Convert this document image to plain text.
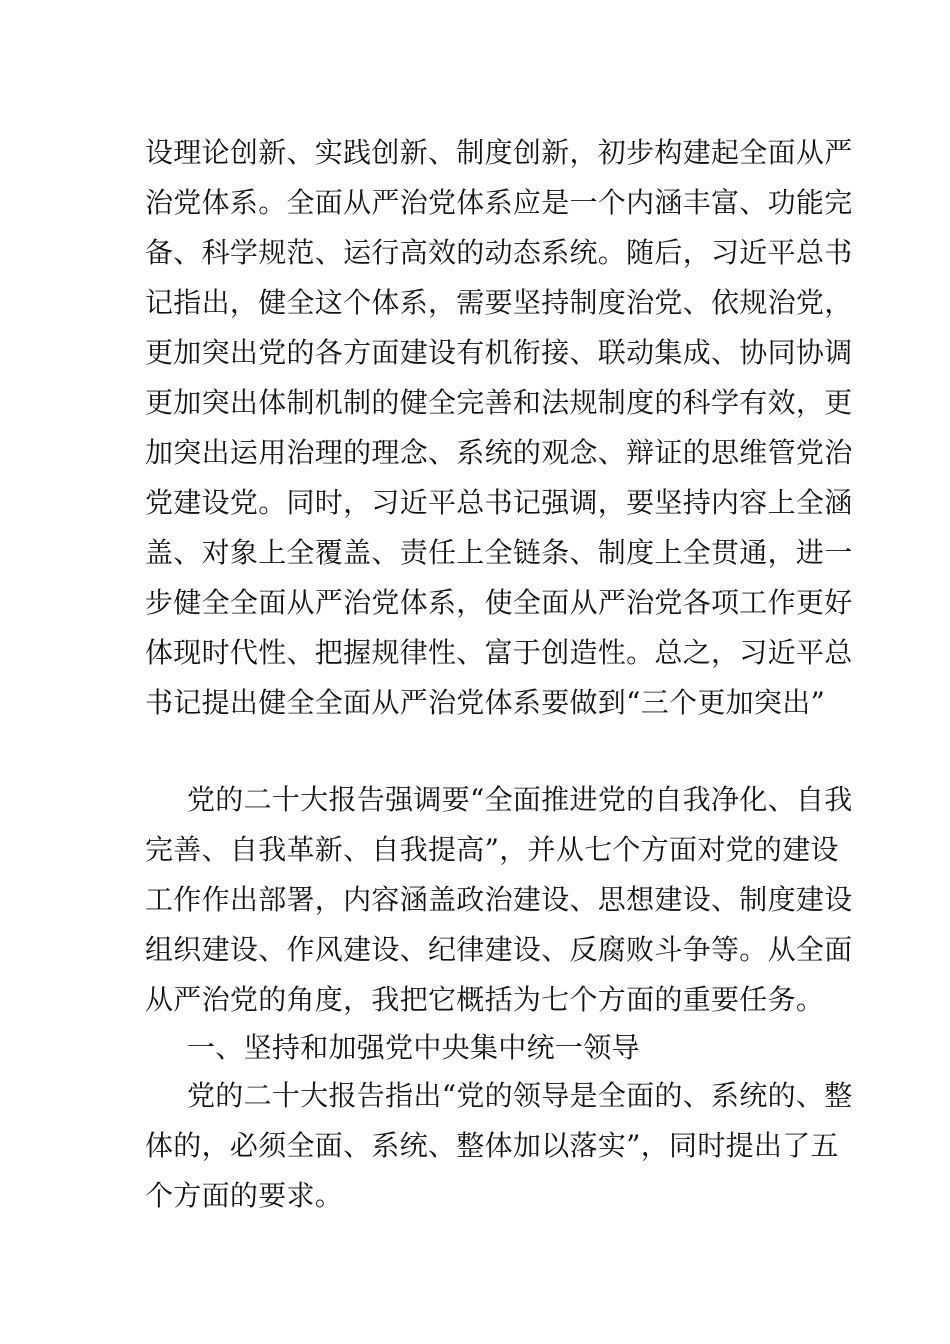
设理论创新、实践创新、制度创新，初步构建起全面从严
治党体系。全面从严治党体系应是一个内涵丰富、功能完
备、科学规范、运行高效的动态系统。随后，习近平总书
记指出，健全这个体系，需要坚持制度治党、依规治党，
更加突出党的各方面建设有机衔接、联动集成、协同协调
更加突出体制机制的健全完善和法规制度的科学有效，更
加突出运用治理的理念、系统的观念、辩证的思维管党治
党建设党。同时，习近平总书记强调，要坚持内容上全涵
盖、对象上全覆盖、责任上全链条、制度上全贯通，进一
步健全全面从严治党体系，使全面从严治党各项工作更好
体现时代性、把握规律性、富于创造性。总之，习近平总
书记提出健全全面从严治党体系要做到“三个更加突出”
党的二十大报告强调要“全面推进党的自我净化、自我
完善、自我革新、自我提高”，并从七个方面对党的建设
工作作出部署，内容涵盖政治建设、思想建设、制度建设
组织建设、作风建设、纪律建设、反腐败斗争等。从全面
从严治党的角度，我把它概括为七个方面的重要任务。
一、坚持和加强党中央集中统一领导
党的二十大报告指出“党的领导是全面的、系统的、整
体的，必须全面、系统、整体加以落实”，同时提出了五
个方面的要求。
